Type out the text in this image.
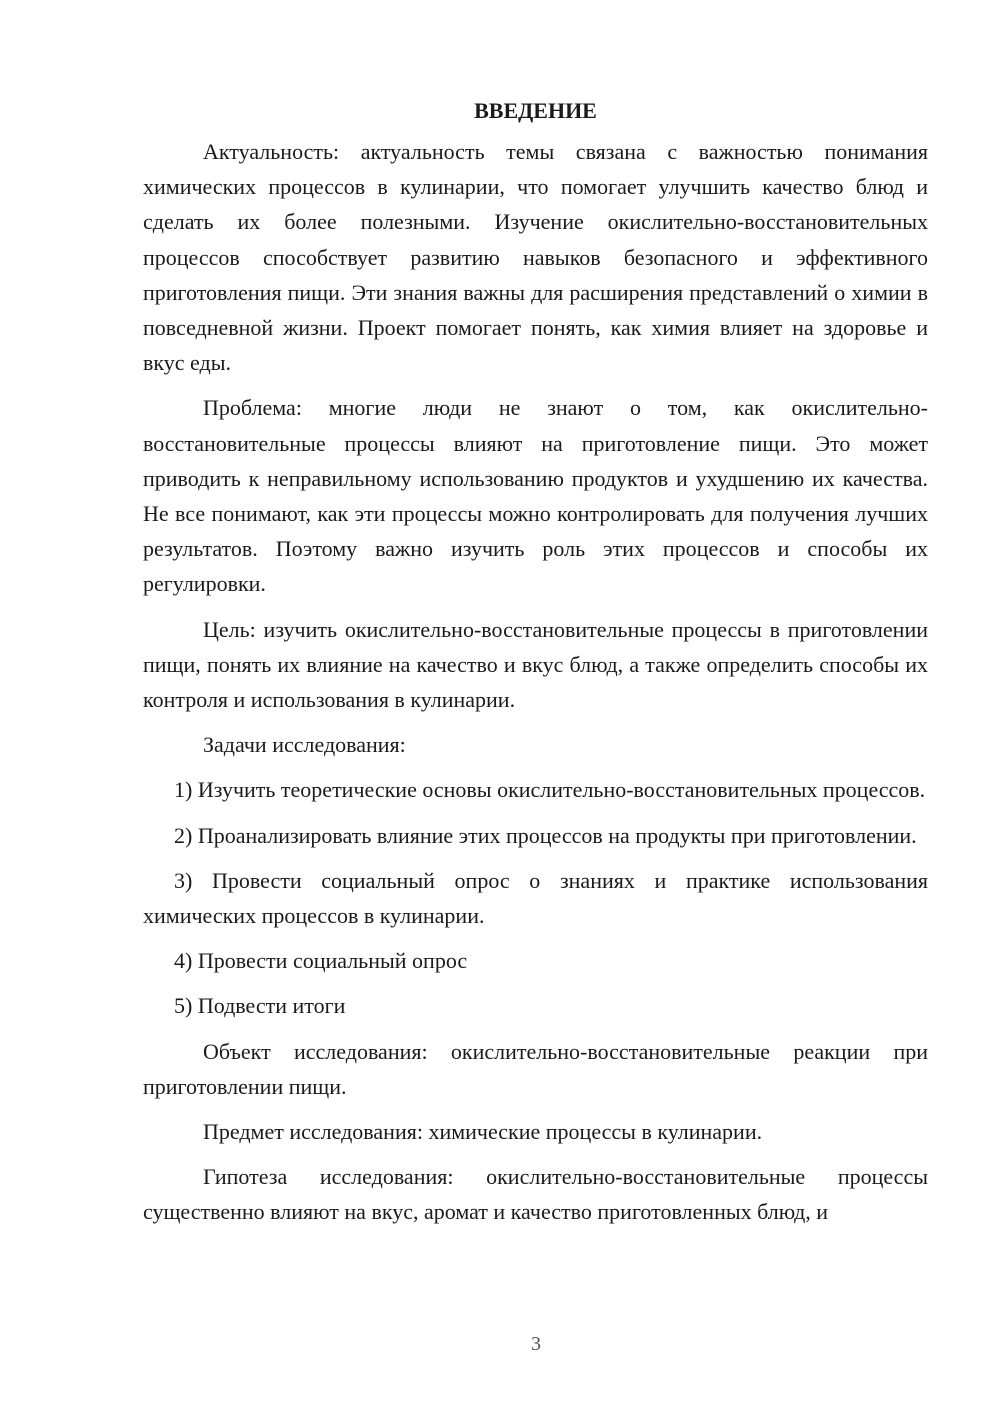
ВВЕДЕНИЕ

Актуальность: актуальность темы связана с важностью понимания химических процессов в кулинарии, что помогает улучшить качество блюд и сделать их более полезными. Изучение окислительно-восстановительных процессов способствует развитию навыков безопасного и эффективного приготовления пищи. Эти знания важны для расширения представлений о химии в повседневной жизни. Проект помогает понять, как химия влияет на здоровье и вкус еды.

Проблема: многие люди не знают о том, как окислительно-восстановительные процессы влияют на приготовление пищи. Это может приводить к неправильному использованию продуктов и ухудшению их качества. Не все понимают, как эти процессы можно контролировать для получения лучших результатов. Поэтому важно изучить роль этих процессов и способы их регулировки.

Цель: изучить окислительно-восстановительные процессы в приготовлении пищи, понять их влияние на качество и вкус блюд, а также определить способы их контроля и использования в кулинарии.

Задачи исследования:

1) Изучить теоретические основы окислительно-восстановительных процессов.

2) Проанализировать влияние этих процессов на продукты при приготовлении.

3) Провести социальный опрос о знаниях и практике использования химических процессов в кулинарии.

4) Провести социальный опрос

5) Подвести итоги

Объект исследования: окислительно-восстановительные реакции при приготовлении пищи.

Предмет исследования: химические процессы в кулинарии.

Гипотеза исследования: окислительно-восстановительные процессы существенно влияют на вкус, аромат и качество приготовленных блюд, и

3
